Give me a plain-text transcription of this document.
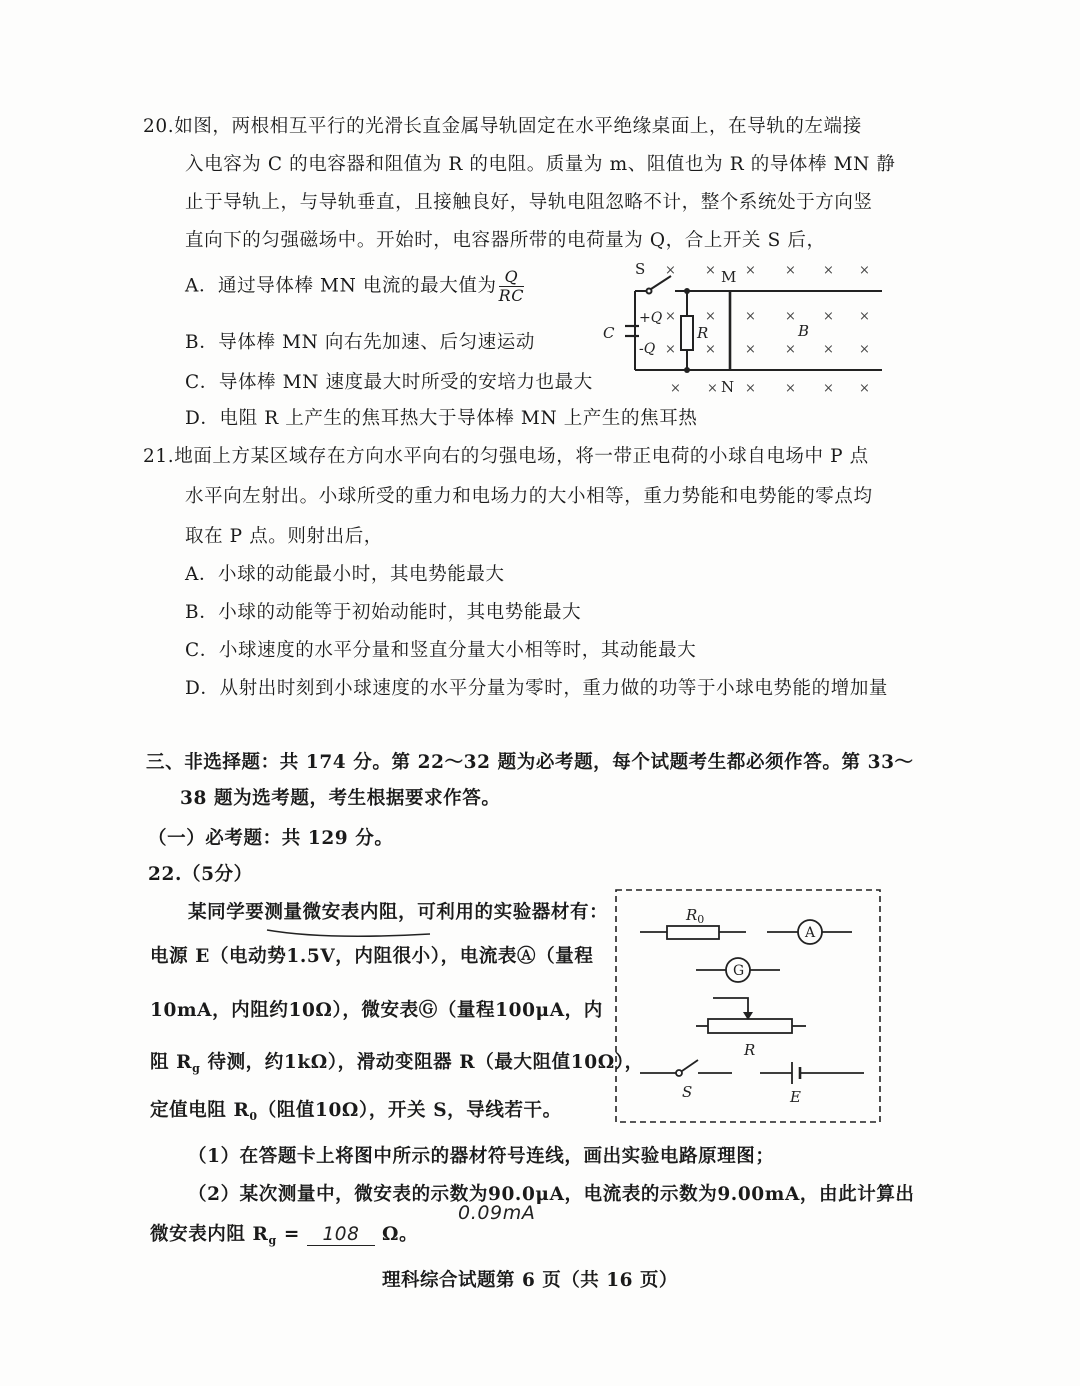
20.如图，两根相互平行的光滑长直金属导轨固定在水平绝缘桌面上，在导轨的左端接
入电容为 C 的电容器和阻值为 R 的电阻。质量为 m、阻值也为 R 的导体棒 MN 静
止于导轨上，与导轨垂直，且接触良好，导轨电阻忽略不计，整个系统处于方向竖
直向下的匀强磁场中。开始时，电容器所带的电荷量为 Q，合上开关 S 后，
A．通过导体棒 MN 电流的最大值为 $\frac{Q}{RC}$
B．导体棒 MN 向右先加速、后匀速运动
C．导体棒 MN 速度最大时所受的安培力也最大
D．电阻 R 上产生的焦耳热大于导体棒 MN 上产生的焦耳热
S
C
+Q
-Q
R
M
N
B
× × × × × ×
× × × × × ×
× × × × × ×
× × × × × ×
21.地面上方某区域存在方向水平向右的匀强电场，将一带正电荷的小球自电场中 P 点
水平向左射出。小球所受的重力和电场力的大小相等，重力势能和电势能的零点均
取在 P 点。则射出后，
A．小球的动能最小时，其电势能最大
B．小球的动能等于初始动能时，其电势能最大
C．小球速度的水平分量和竖直分量大小相等时，其动能最大
D．从射出时刻到小球速度的水平分量为零时，重力做的功等于小球电势能的增加量
三、非选择题：共 174 分。第 22～32 题为必考题，每个试题考生都必须作答。第 33～
38 题为选考题，考生根据要求作答。
（一）必考题：共 129 分。
22.（5分）
某同学要测量微安表内阻，可利用的实验器材有：
电源 E（电动势1.5V，内阻很小），电流表Ⓐ（量程
10mA，内阻约10Ω），微安表Ⓖ（量程100μA，内
阻 $R_g$ 待测，约1kΩ），滑动变阻器 R（最大阻值10Ω），
定值电阻 $R_0$（阻值10Ω），开关 S，导线若干。
$R_0$
A
G
R
S	E
（1）在答题卡上将图中所示的器材符号连线，画出实验电路原理图；
（2）某次测量中，微安表的示数为90.0μA，电流表的示数为9.00mA，由此计算出
0.09mA
微安表内阻 $R_g = 108$ Ω。
理科综合试题第 6 页（共 16 页）
